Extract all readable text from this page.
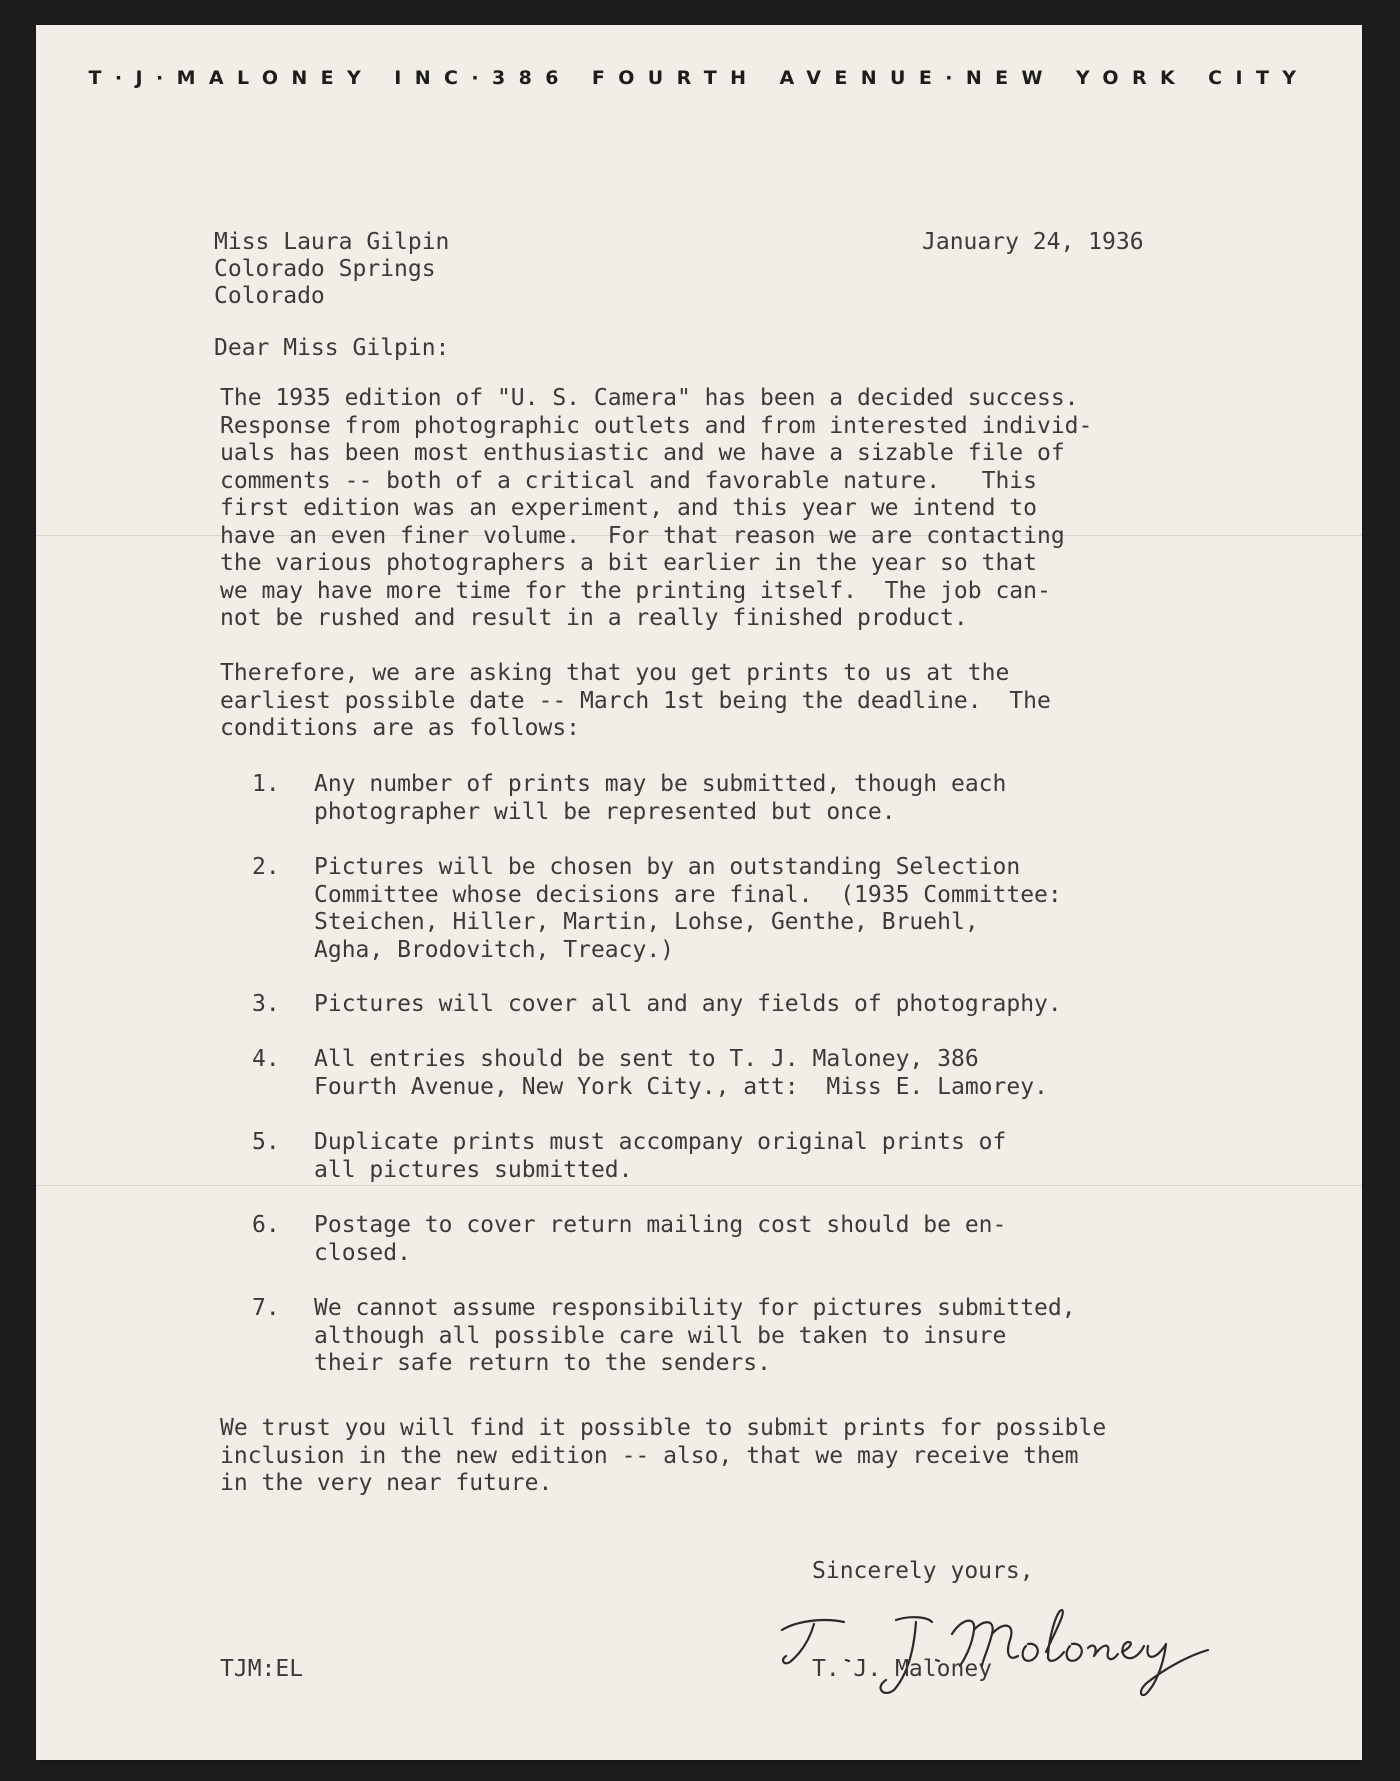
T·J·MALONEY INC·386 FOURTH AVENUE·NEW YORK CITY
Miss Laura Gilpin
Colorado Springs
Colorado
January 24, 1936
Dear Miss Gilpin:
The 1935 edition of "U. S. Camera" has been a decided success.
Response from photographic outlets and from interested individ-
uals has been most enthusiastic and we have a sizable file of
comments -- both of a critical and favorable nature.   This
first edition was an experiment, and this year we intend to
have an even finer volume.  For that reason we are contacting
the various photographers a bit earlier in the year so that
we may have more time for the printing itself.  The job can-
not be rushed and result in a really finished product.
Therefore, we are asking that you get prints to us at the
earliest possible date -- March 1st being the deadline.  The
conditions are as follows:
1. Any number of prints may be submitted, though each
photographer will be represented but once.
2. Pictures will be chosen by an outstanding Selection
Committee whose decisions are final.  (1935 Committee:
Steichen, Hiller, Martin, Lohse, Genthe, Bruehl,
Agha, Brodovitch, Treacy.)
3. Pictures will cover all and any fields of photography.
4. All entries should be sent to T. J. Maloney, 386
Fourth Avenue, New York City., att:  Miss E. Lamorey.
5. Duplicate prints must accompany original prints of
all pictures submitted.
6. Postage to cover return mailing cost should be en-
closed.
7. We cannot assume responsibility for pictures submitted,
although all possible care will be taken to insure
their safe return to the senders.
We trust you will find it possible to submit prints for possible
inclusion in the new edition -- also, that we may receive them
in the very near future.
Sincerely yours,
T. J. Maloney
TJM:EL
